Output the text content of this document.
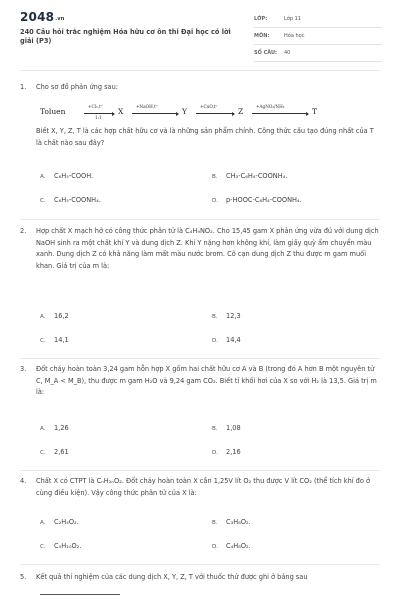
2048.vn
240 Câu hỏi trắc nghiệm Hóa hữu cơ ôn thi Đại học có lời giải (P3)
LỚP:	Lớp 11
MÔN:	Hóa học
SỐ CÂU: 40
1.	Cho sơ đồ phản ứng sau:
Toluen
+Cl₂,t⁰
1:1
X
+NaOH,t⁰
Y
+CuO,t⁰
Z
+AgNO₃/NH₃
T
Biết X, Y, Z, T là các hợp chất hữu cơ và là những sản phẩm chính. Công thức cấu tạo đúng nhất của T là chất nào sau đây?
A. C₆H₅-COOH.	B. CH₃-C₆H₄-COONH₄.
C. C₆H₅-COONH₄.	D. p-HOOC-C₆H₄-COONH₄.
2.	Hợp chất X mạch hở có công thức phân tử là C₄H₉NO₂. Cho 15,45 gam X phản ứng vừa đủ với dung dịch NaOH sinh ra một chất khí Y và dung dịch Z. Khí Y nặng hơn không khí, làm giấy quỳ ẩm chuyển màu xanh. Dung dịch Z có khả năng làm mất màu nước brom. Cô cạn dung dịch Z thu được m gam muối khan. Giá trị của m là:
A. 16,2	B. 12,3
C. 14,1	D. 14,4
3.	Đốt cháy hoàn toàn 3,24 gam hỗn hợp X gồm hai chất hữu cơ A và B (trong đó A hơn B một nguyên tử C, M_A < M_B), thu được m gam H₂O và 9,24 gam CO₂. Biết tỉ khối hơi của X so với H₂ là 13,5. Giá trị m là:
A. 1,26	B. 1,08
C. 2,61	D. 2,16
4.	Chất X có CTPT là CₙH₂ₙO₂. Đốt cháy hoàn toàn X cần 1,25V lít O₂ thu được V lít CO₂ (thể tích khí đo ở cùng điều kiện). Vậy công thức phân tử của X là:
A. C₂H₄O₂.	B. C₃H₆O₂.
C. C₅H₁₀O₂.	D. C₄H₈O₂.
5.	Kết quả thí nghiệm của các dung dịch X, Y, Z, T với thuốc thử được ghi ở bảng sau
